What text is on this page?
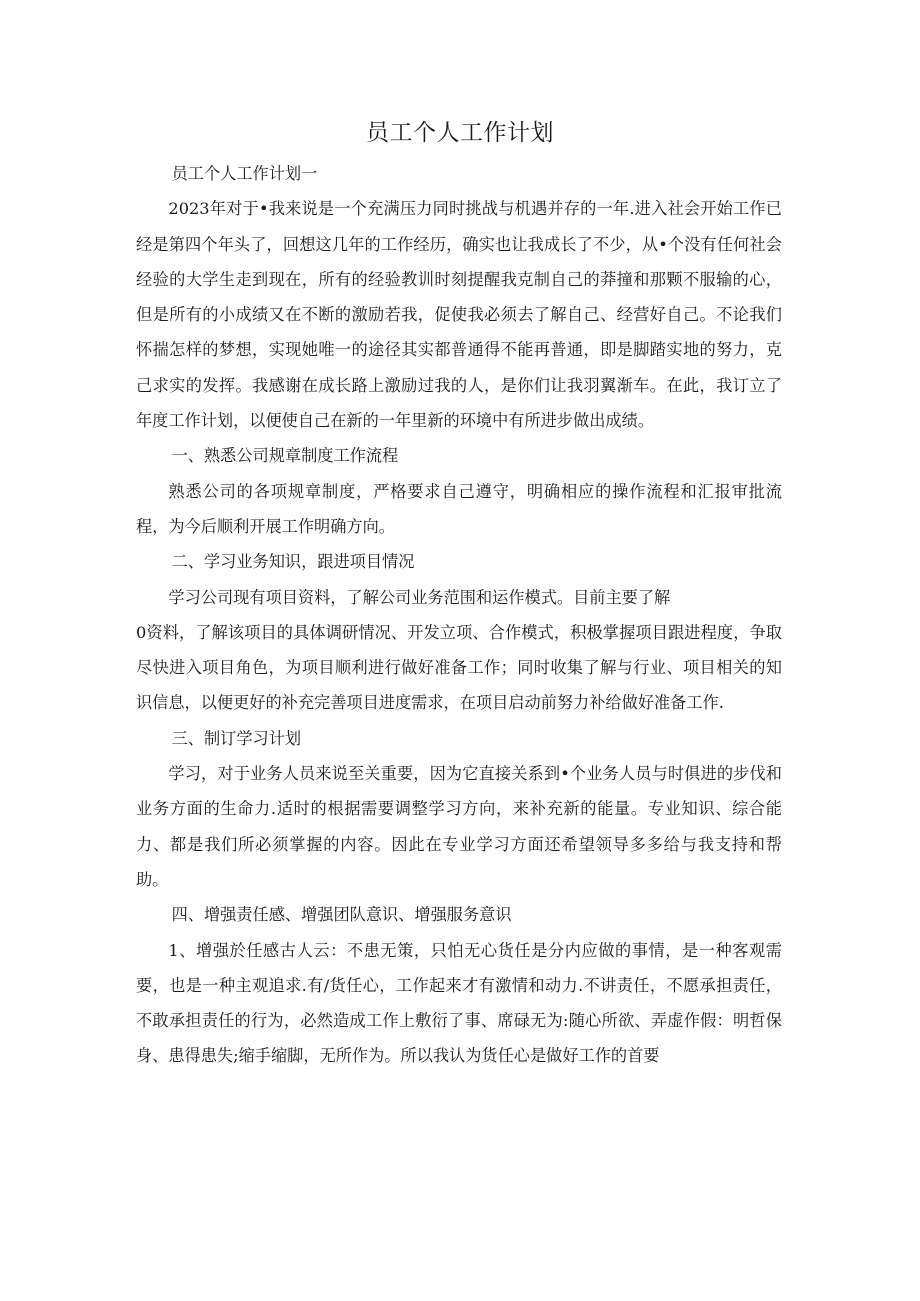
员工个人工作计划

员工个人工作计划一

2023年对于•我来说是一个充满压力同时挑战与机遇并存的一年.进入社会开始工作已经是第四个年头了，回想这几年的工作经历，确实也让我成长了不少，从•个没有任何社会经验的大学生走到现在，所有的经验教训时刻提醒我克制自己的莽撞和那颗不服输的心，但是所有的小成绩又在不断的激励若我，促使我必须去了解自己、经营好自己。不论我们怀揣怎样的梦想，实现她唯一的途径其实都普通得不能再普通，即是脚踏实地的努力，克己求实的发挥。我感谢在成长路上激励过我的人，是你们让我羽翼渐车。在此，我订立了年度工作计划，以便使自己在新的一年里新的环境中有所进步做出成绩。

一、熟悉公司规章制度工作流程

熟悉公司的各项规章制度，严格要求自己遵守，明确相应的操作流程和汇报审批流程，为今后顺利开展工作明确方向。

二、学习业务知识，跟进项目情况

学习公司现有项目资料，了解公司业务范围和运作模式。目前主要了解

0资料，了解该项目的具体调研情况、开发立项、合作模式，积极掌握项目跟进程度，争取尽快进入项目角色，为项目顺利进行做好准备工作；同时收集了解与行业、项目相关的知识信息，以便更好的补充完善项目进度需求，在项目启动前努力补给做好准备工作.

三、制订学习计划

学习，对于业务人员来说至关重要，因为它直接关系到•个业务人员与时俱进的步伐和业务方面的生命力.适时的根据需要调整学习方向，来补充新的能量。专业知识、综合能力、都是我们所必须掌握的内容。因此在专业学习方面还希望领导多多给与我支持和帮助。

四、增强责任感、增强团队意识、增强服务意识

1、增强於任感古人云：不患无策，只怕无心货任是分内应做的事情，是一种客观需要，也是一种主观追求.有/货任心，工作起来才有激情和动力.不讲责任，不愿承担责任，不敢承担责任的行为，必然造成工作上敷衍了事、席碌无为:随心所欲、弄虚作假：明哲保身、患得患失;缩手缩脚，无所作为。所以我认为货任心是做好工作的首要
